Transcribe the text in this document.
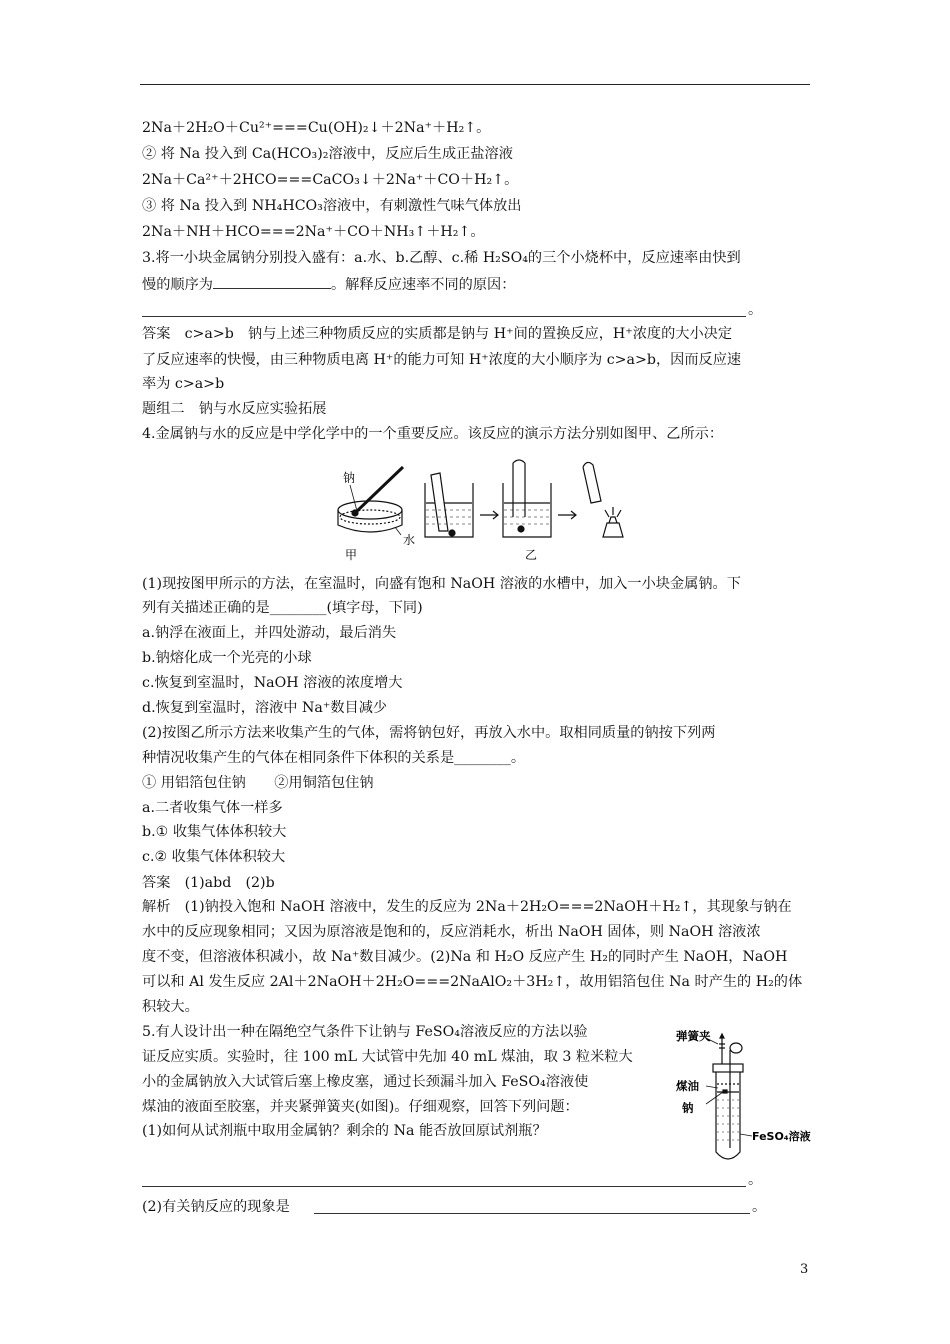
2Na＋2H₂O＋Cu²⁺===Cu(OH)₂↓＋2Na⁺＋H₂↑。
② 将 Na 投入到 Ca(HCO₃)₂溶液中，反应后生成正盐溶液
2Na＋Ca²⁺＋2HCO===CaCO₃↓＋2Na⁺＋CO＋H₂↑。
③ 将 Na 投入到 NH₄HCO₃溶液中，有刺激性气味气体放出
2Na＋NH＋HCO===2Na⁺＋CO＋NH₃↑＋H₂↑。
3.将一小块金属钠分别投入盛有：a.水、b.乙醇、c.稀 H₂SO₄的三个小烧杯中，反应速率由快到
慢的顺序为	。解释反应速率不同的原因：
。
答案　c>a>b　钠与上述三种物质反应的实质都是钠与 H⁺间的置换反应，H⁺浓度的大小决定
了反应速率的快慢，由三种物质电离 H⁺的能力可知 H⁺浓度的大小顺序为 c>a>b，因而反应速
率为 c>a>b
题组二　钠与水反应实验拓展
4.金属钠与水的反应是中学化学中的一个重要反应。该反应的演示方法分别如图甲、乙所示：
钠
水
甲	乙
(1)现按图甲所示的方法，在室温时，向盛有饱和 NaOH 溶液的水槽中，加入一小块金属钠。下
列有关描述正确的是________(填字母，下同)
a.钠浮在液面上，并四处游动，最后消失
b.钠熔化成一个光亮的小球
c.恢复到室温时，NaOH 溶液的浓度增大
d.恢复到室温时，溶液中 Na⁺数目减少
(2)按图乙所示方法来收集产生的气体，需将钠包好，再放入水中。取相同质量的钠按下列两
种情况收集产生的气体在相同条件下体积的关系是________。
① 用铝箔包住钠　　②用铜箔包住钠
a.二者收集气体一样多
b.① 收集气体体积较大
c.② 收集气体体积较大
答案　(1)abd　(2)b
解析　(1)钠投入饱和 NaOH 溶液中，发生的反应为 2Na＋2H₂O===2NaOH＋H₂↑，其现象与钠在
水中的反应现象相同；又因为原溶液是饱和的，反应消耗水，析出 NaOH 固体，则 NaOH 溶液浓
度不变，但溶液体积减小，故 Na⁺数目减少。(2)Na 和 H₂O 反应产生 H₂的同时产生 NaOH，NaOH
可以和 Al 发生反应 2Al＋2NaOH＋2H₂O===2NaAlO₂＋3H₂↑，故用铝箔包住 Na 时产生的 H₂的体
积较大。
5.有人设计出一种在隔绝空气条件下让钠与 FeSO₄溶液反应的方法以验
证反应实质。实验时，往 100 mL 大试管中先加 40 mL 煤油，取 3 粒米粒大
小的金属钠放入大试管后塞上橡皮塞，通过长颈漏斗加入 FeSO₄溶液使
煤油的液面至胶塞，并夹紧弹簧夹(如图)。仔细观察，回答下列问题：
(1)如何从试剂瓶中取用金属钠？剩余的 Na 能否放回原试剂瓶？
弹簧夹
煤油
钠
FeSO₄溶液
。
(2)有关钠反应的现象是	。
3
